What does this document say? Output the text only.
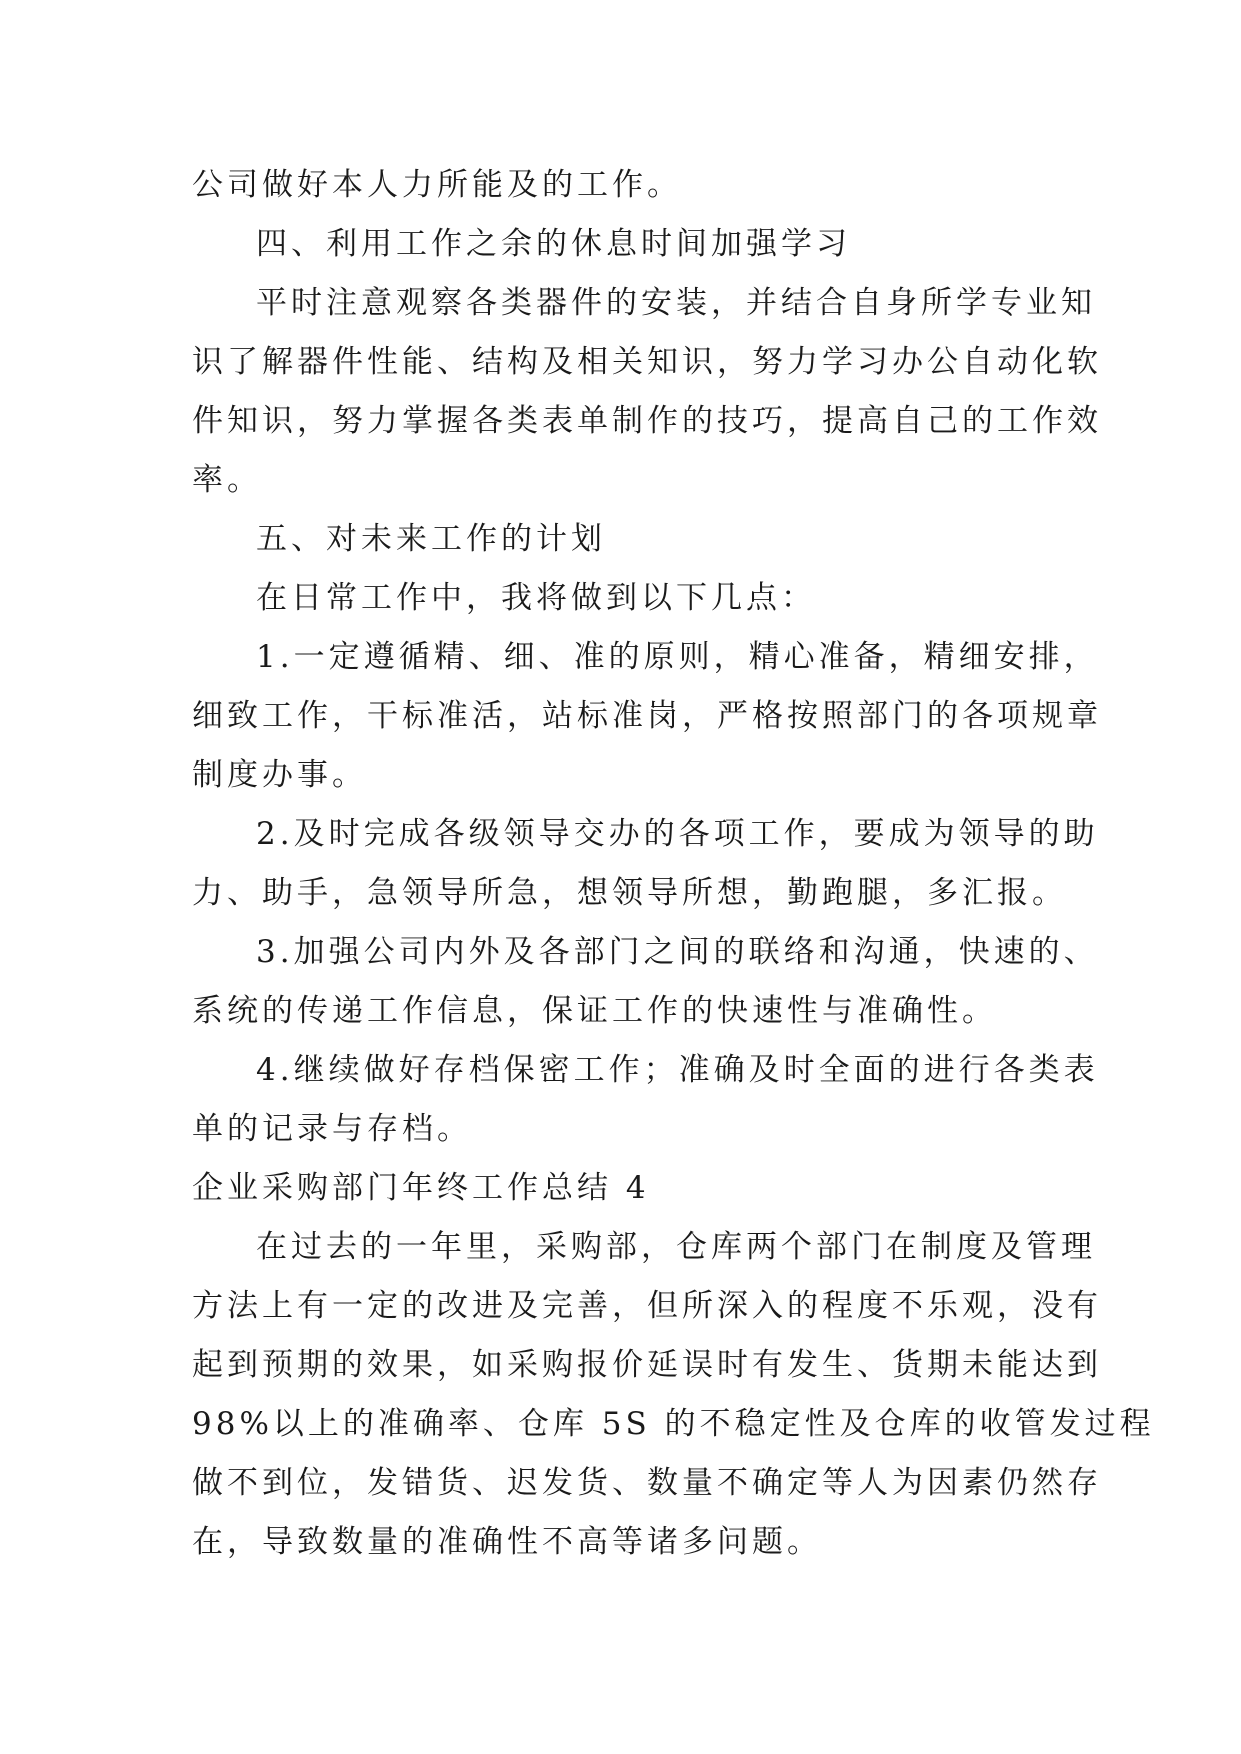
公司做好本人力所能及的工作。
四、利用工作之余的休息时间加强学习
平时注意观察各类器件的安装，并结合自身所学专业知
识了解器件性能、结构及相关知识，努力学习办公自动化软
件知识，努力掌握各类表单制作的技巧，提高自己的工作效
率。
五、对未来工作的计划
在日常工作中，我将做到以下几点：
1.一定遵循精、细、准的原则，精心准备，精细安排，
细致工作，干标准活，站标准岗，严格按照部门的各项规章
制度办事。
2.及时完成各级领导交办的各项工作，要成为领导的助
力、助手，急领导所急，想领导所想，勤跑腿，多汇报。
3.加强公司内外及各部门之间的联络和沟通，快速的、
系统的传递工作信息，保证工作的快速性与准确性。
4.继续做好存档保密工作；准确及时全面的进行各类表
单的记录与存档。
企业采购部门年终工作总结 4
在过去的一年里，采购部，仓库两个部门在制度及管理
方法上有一定的改进及完善，但所深入的程度不乐观，没有
起到预期的效果，如采购报价延误时有发生、货期未能达到
98%以上的准确率、仓库 5S 的不稳定性及仓库的收管发过程
做不到位，发错货、迟发货、数量不确定等人为因素仍然存
在，导致数量的准确性不高等诸多问题。
